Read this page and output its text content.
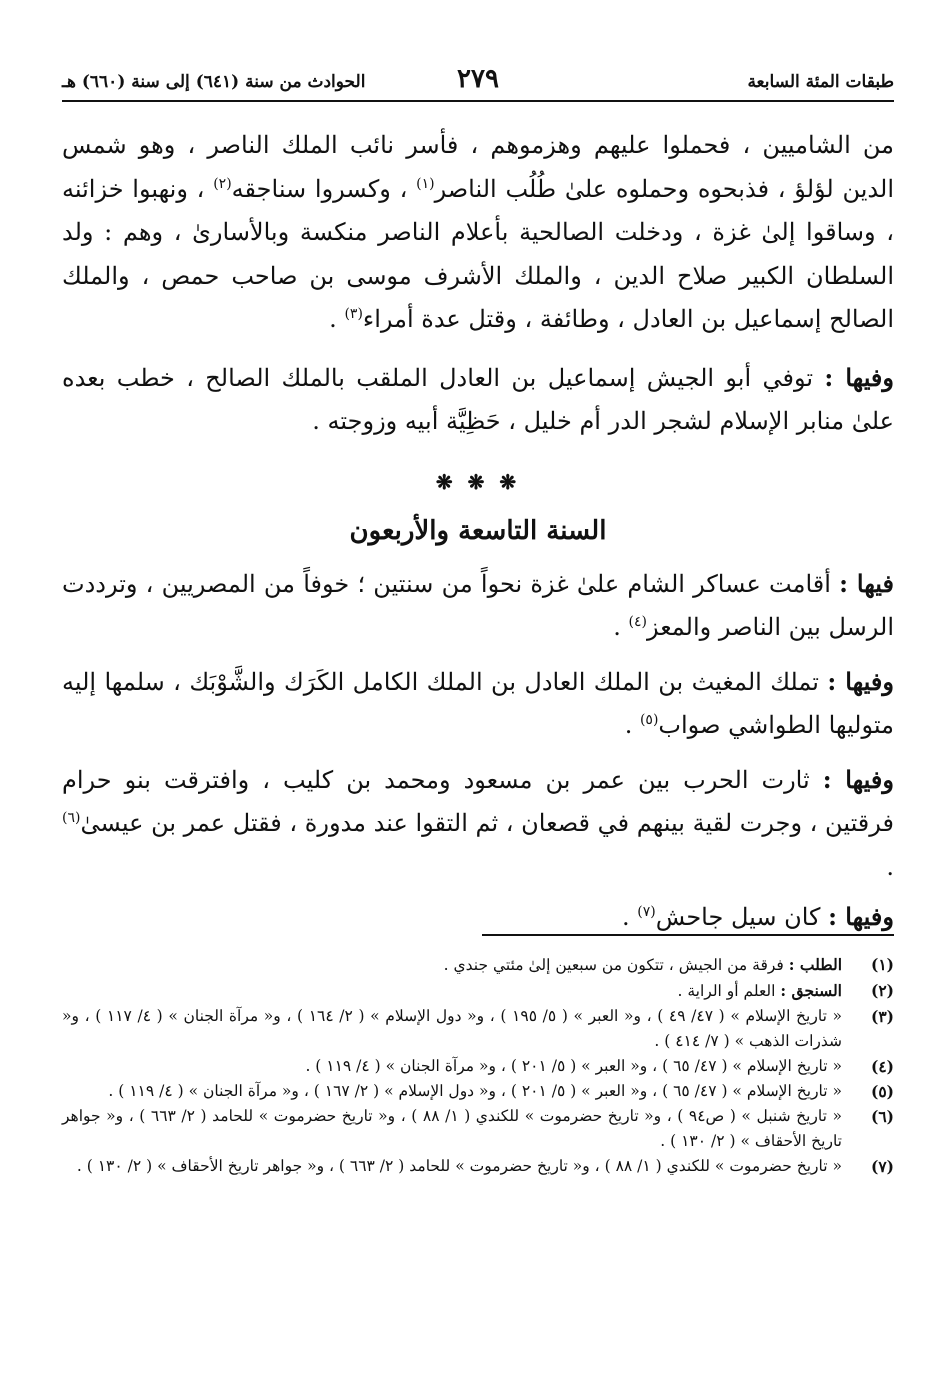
طبقات المئة السابعة
٢٧٩
الحوادث من سنة (٦٤١) إلى سنة (٦٦٠) هـ

من الشاميين ، فحملوا عليهم وهزموهم ، فأسر نائب الملك الناصر ، وهو شمس الدين لؤلؤ ، فذبحوه وحملوه علىٰ طُلُب الناصر$^{(١)}$ ، وكسروا سناجقه$^{(٢)}$ ، ونهبوا خزائنه ، وساقوا إلىٰ غزة ، ودخلت الصالحية بأعلام الناصر منكسة وبالأسارىٰ ، وهم : ولد السلطان الكبير صلاح الدين ، والملك الأشرف موسى بن صاحب حمص ، والملك الصالح إسماعيل بن العادل ، وطائفة ، وقتل عدة أمراء$^{(٣)}$ .

وفيها : توفي أبو الجيش إسماعيل بن العادل الملقب بالملك الصالح ، خطب بعده علىٰ منابر الإسلام لشجر الدر أم خليل ، حَظِيَّة أبيه وزوجته .

❋ ❋ ❋
السنة التاسعة والأربعون

فيها : أقامت عساكر الشام علىٰ غزة نحواً من سنتين ؛ خوفاً من المصريين ، وترددت الرسل بين الناصر والمعز$^{(٤)}$ .

وفيها : تملك المغيث بن الملك العادل بن الملك الكامل الكَرَك والشَّوْبَك ، سلمها إليه متوليها الطواشي صواب$^{(٥)}$ .

وفيها : ثارت الحرب بين عمر بن مسعود ومحمد بن كليب ، وافترقت بنو حرام فرقتين ، وجرت لقية بينهم في قصعان ، ثم التقوا عند مدورة ، فقتل عمر بن عيسىٰ$^{(٦)}$ .

وفيها : كان سيل جاحش$^{(٧)}$ .

(١)
الطلب : فرقة من الجيش ، تتكون من سبعين إلىٰ مئتي جندي .
(٢)
السنجق : العلم أو الراية .
(٣)
« تاريخ الإسلام » ( ٤٧/ ٤٩ ) ، و« العبر » ( ٥/ ١٩٥ ) ، و« دول الإسلام » ( ٢/ ١٦٤ ) ، و« مرآة الجنان » ( ٤/ ١١٧ ) ، و« شذرات الذهب » ( ٧/ ٤١٤ ) .
(٤)
« تاريخ الإسلام » ( ٤٧/ ٦٥ ) ، و« العبر » ( ٥/ ٢٠١ ) ، و« مرآة الجنان » ( ٤/ ١١٩ ) .
(٥)
« تاريخ الإسلام » ( ٤٧/ ٦٥ ) ، و« العبر » ( ٥/ ٢٠١ ) ، و« دول الإسلام » ( ٢/ ١٦٧ ) ، و« مرآة الجنان » ( ٤/ ١١٩ ) .
(٦)
« تاريخ شنبل » ( ص٩٤ ) ، و« تاريخ حضرموت » للكندي ( ١/ ٨٨ ) ، و« تاريخ حضرموت » للحامد ( ٢/ ٦٦٣ ) ، و« جواهر تاريخ الأحقاف » ( ٢/ ١٣٠ ) .
(٧)
« تاريخ حضرموت » للكندي ( ١/ ٨٨ ) ، و« تاريخ حضرموت » للحامد ( ٢/ ٦٦٣ ) ، و« جواهر تاريخ الأحقاف » ( ٢/ ١٣٠ ) .
